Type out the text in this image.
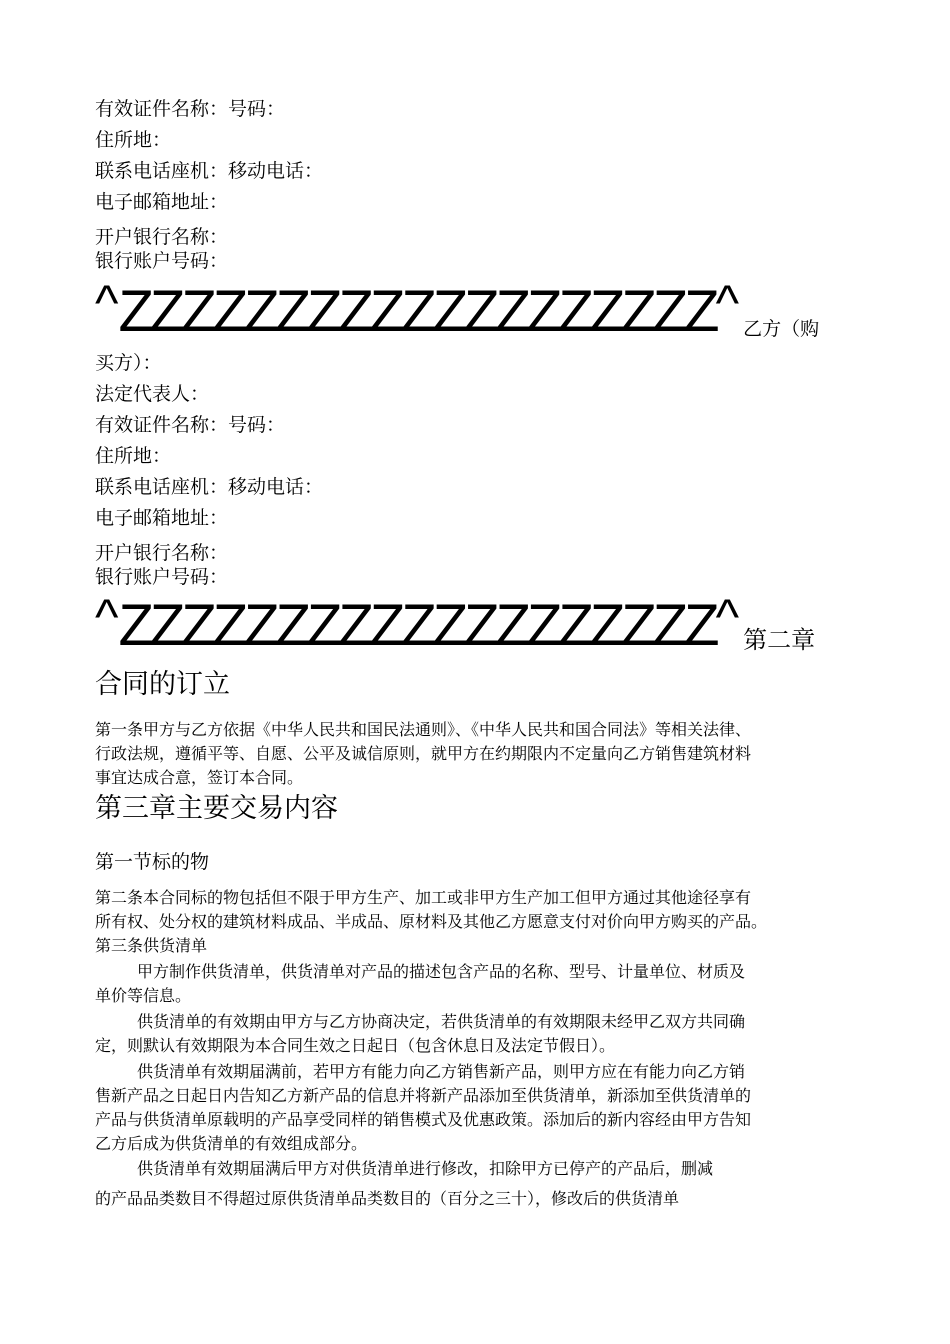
有效证件名称：号码：
住所地：
联系电话座机：移动电话：
电子邮箱地址：
开户银行名称：
银行账户号码：
^ZZZZZZZZZZZZZZZZZZZ^ 乙方（购
买方）：
法定代表人：
有效证件名称：号码：
住所地：
联系电话座机：移动电话：
电子邮箱地址：
开户银行名称：
银行账户号码：
^ZZZZZZZZZZZZZZZZZZZ^ 第二章
合同的订立
第一条甲方与乙方依据《中华人民共和国民法通则》、《中华人民共和国合同法》等相关法律、
行政法规，遵循平等、自愿、公平及诚信原则，就甲方在约期限内不定量向乙方销售建筑材料
事宜达成合意，签订本合同。
第三章主要交易内容
第一节标的物
第二条本合同标的物包括但不限于甲方生产、加工或非甲方生产加工但甲方通过其他途径享有
所有权、处分权的建筑材料成品、半成品、原材料及其他乙方愿意支付对价向甲方购买的产品。
第三条供货清单
甲方制作供货清单，供货清单对产品的描述包含产品的名称、型号、计量单位、材质及
单价等信息。
供货清单的有效期由甲方与乙方协商决定，若供货清单的有效期限未经甲乙双方共同确
定，则默认有效期限为本合同生效之日起日（包含休息日及法定节假日）。
供货清单有效期届满前，若甲方有能力向乙方销售新产品，则甲方应在有能力向乙方销
售新产品之日起日内告知乙方新产品的信息并将新产品添加至供货清单，新添加至供货清单的
产品与供货清单原载明的产品享受同样的销售模式及优惠政策。添加后的新内容经由甲方告知
乙方后成为供货清单的有效组成部分。
供货清单有效期届满后甲方对供货清单进行修改，扣除甲方已停产的产品后，删减
的产品品类数目不得超过原供货清单品类数目的（百分之三十），修改后的供货清单
